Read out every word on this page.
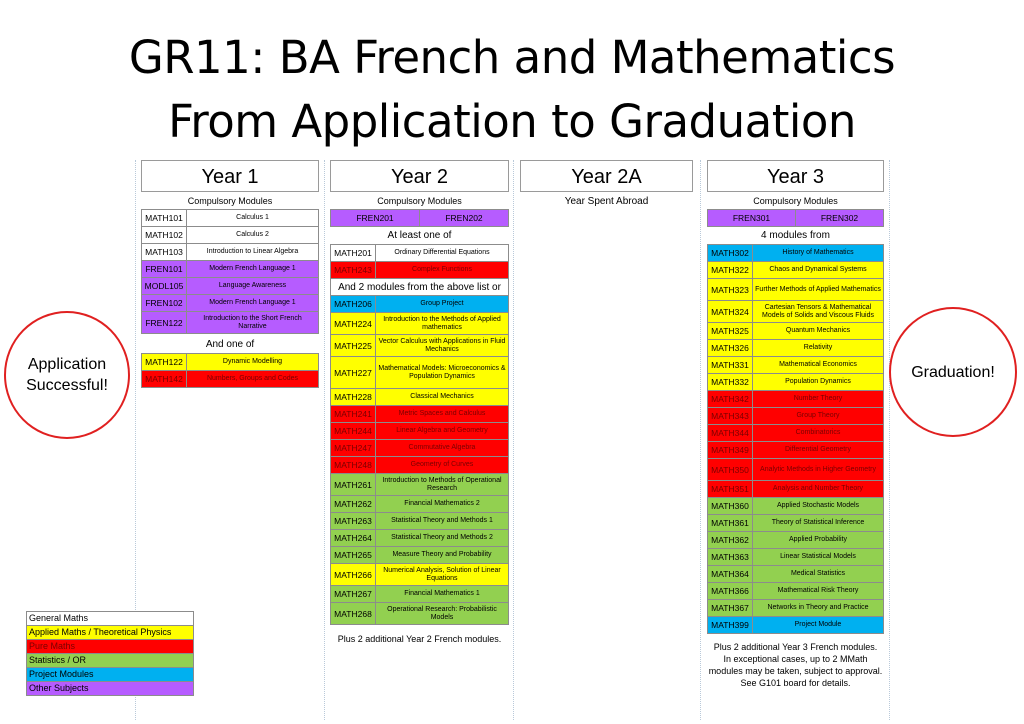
GR11: BA French and Mathematics
From Application to Graduation
Application Successful!
Graduation!
Year 1
Compulsory Modules
MATH101	Calculus 1
MATH102	Calculus 2
MATH103	Introduction to Linear Algebra
FREN101	Modern French Language 1
MODL105	Language Awareness
FREN102	Modern French Language 1
FREN122	Introduction to the Short French Narrative
And one of
MATH122	Dynamic Modelling
MATH142	Numbers, Groups and Codes
Year 2
Compulsory Modules
FREN201	FREN202
At least one of
MATH201	Ordinary Differential Equations
MATH243	Complex Functions
And 2 modules from the above list or
MATH206	Group Project
MATH224	Introduction to the Methods of Applied mathematics
MATH225	Vector Calculus with Applications in Fluid Mechanics
MATH227	Mathematical Models: Microeconomics & Population Dynamics
MATH228	Classical Mechanics
MATH241	Metric Spaces and Calculus
MATH244	Linear Algebra and Geometry
MATH247	Commutative Algebra
MATH248	Geometry of Curves
MATH261	Introduction to Methods of Operational Research
MATH262	Financial Mathematics 2
MATH263	Statistical Theory and Methods 1
MATH264	Statistical Theory and Methods 2
MATH265	Measure Theory and Probability
MATH266	Numerical Analysis, Solution of Linear Equations
MATH267	Financial Mathematics 1
MATH268	Operational Research: Probabilistic Models
Plus 2 additional Year 2 French modules.
Year 2A
Year Spent Abroad
Year 3
Compulsory Modules
FREN301	FREN302
4 modules from
MATH302	History of Mathematics
MATH322	Chaos and Dynamical Systems
MATH323	Further Methods of Applied Mathematics
MATH324	Cartesian Tensors & Mathematical Models of Solids and Viscous Fluids
MATH325	Quantum Mechanics
MATH326	Relativity
MATH331	Mathematical Economics
MATH332	Population Dynamics
MATH342	Number Theory
MATH343	Group Theory
MATH344	Combinatorics
MATH349	Differential Geometry
MATH350	Analytic Methods in Higher Geometry
MATH351	Analysis and Number Theory
MATH360	Applied Stochastic Models
MATH361	Theory of Statistical Inference
MATH362	Applied Probability
MATH363	Linear Statistical Models
MATH364	Medical Statistics
MATH366	Mathematical Risk Theory
MATH367	Networks in Theory and Practice
MATH399	Project Module
Plus 2 additional Year 3 French modules.
In exceptional cases, up to 2 MMath modules may be taken, subject to approval. See G101 board for details.
General Maths
Applied Maths / Theoretical Physics
Pure Maths
Statistics / OR
Project Modules
Other Subjects
